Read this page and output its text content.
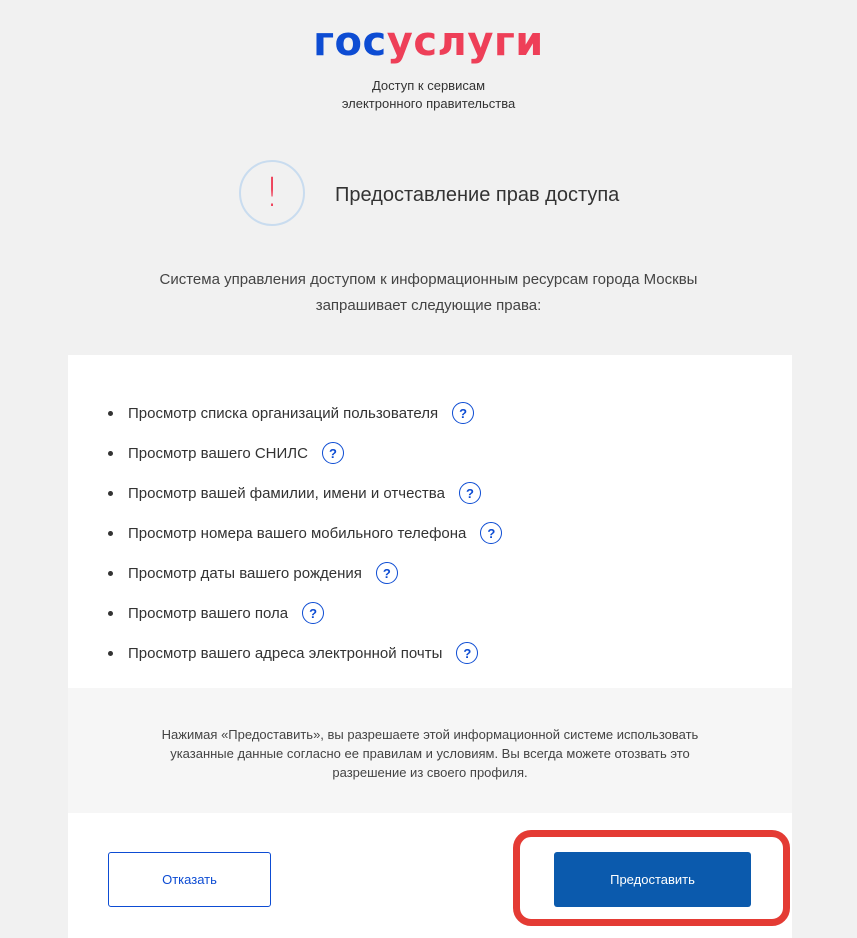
госуслуги
Доступ к сервисам
электронного правительства
!	Предоставление прав доступа
Система управления доступом к информационным ресурсам города Москвы
запрашивает следующие права:
Просмотр списка организаций пользователя	?
Просмотр вашего СНИЛС	?
Просмотр вашей фамилии, имени и отчества	?
Просмотр номера вашего мобильного телефона	?
Просмотр даты вашего рождения	?
Просмотр вашего пола	?
Просмотр вашего адреса электронной почты	?
Нажимая «Предоставить», вы разрешаете этой информационной системе использовать
указанные данные согласно ее правилам и условиям. Вы всегда можете отозвать это
разрешение из своего профиля.
Отказать	Предоставить
